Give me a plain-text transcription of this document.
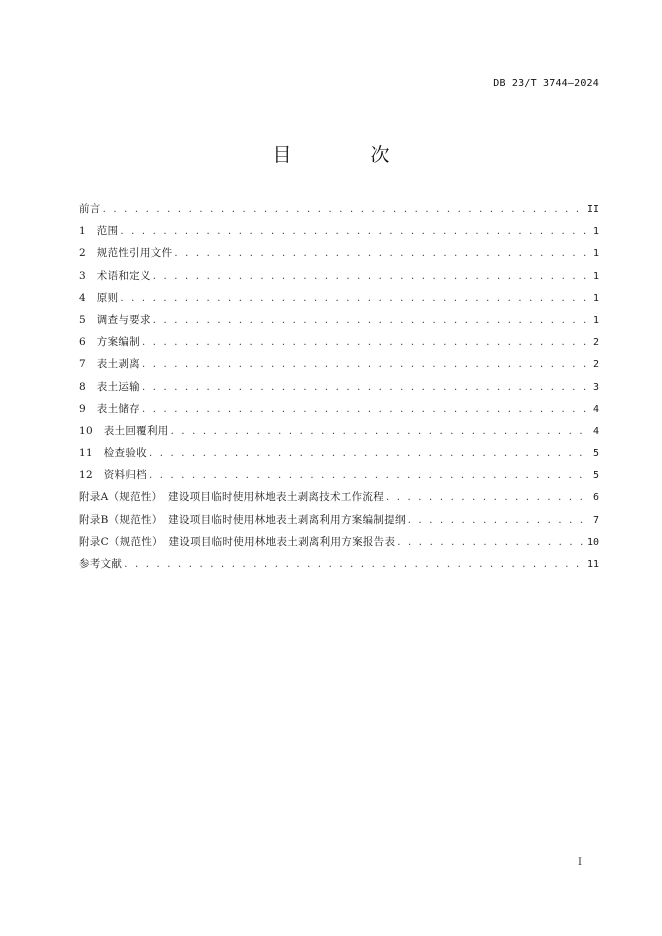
DB 23/T 3744—2024
目　次
前言 . . .	II
1　范围 . . .	1
2　规范性引用文件 . . .	1
3　术语和定义 . . .	1
4　原则 . . .	1
5　调查与要求 . . .	1
6　方案编制 . . .	2
7　表土剥离 . . .	2
8　表土运输 . . .	3
9　表土储存 . . .	4
10　表土回覆利用 . . .	4
11　检查验收 . . .	5
12　资料归档 . . .	5
附录A（规范性）　建设项目临时使用林地表土剥离技术工作流程 . . .	6
附录B（规范性）　建设项目临时使用林地表土剥离利用方案编制提纲 . . .	7
附录C（规范性）　建设项目临时使用林地表土剥离利用方案报告表 . . .	10
参考文献 . . .	11
I
